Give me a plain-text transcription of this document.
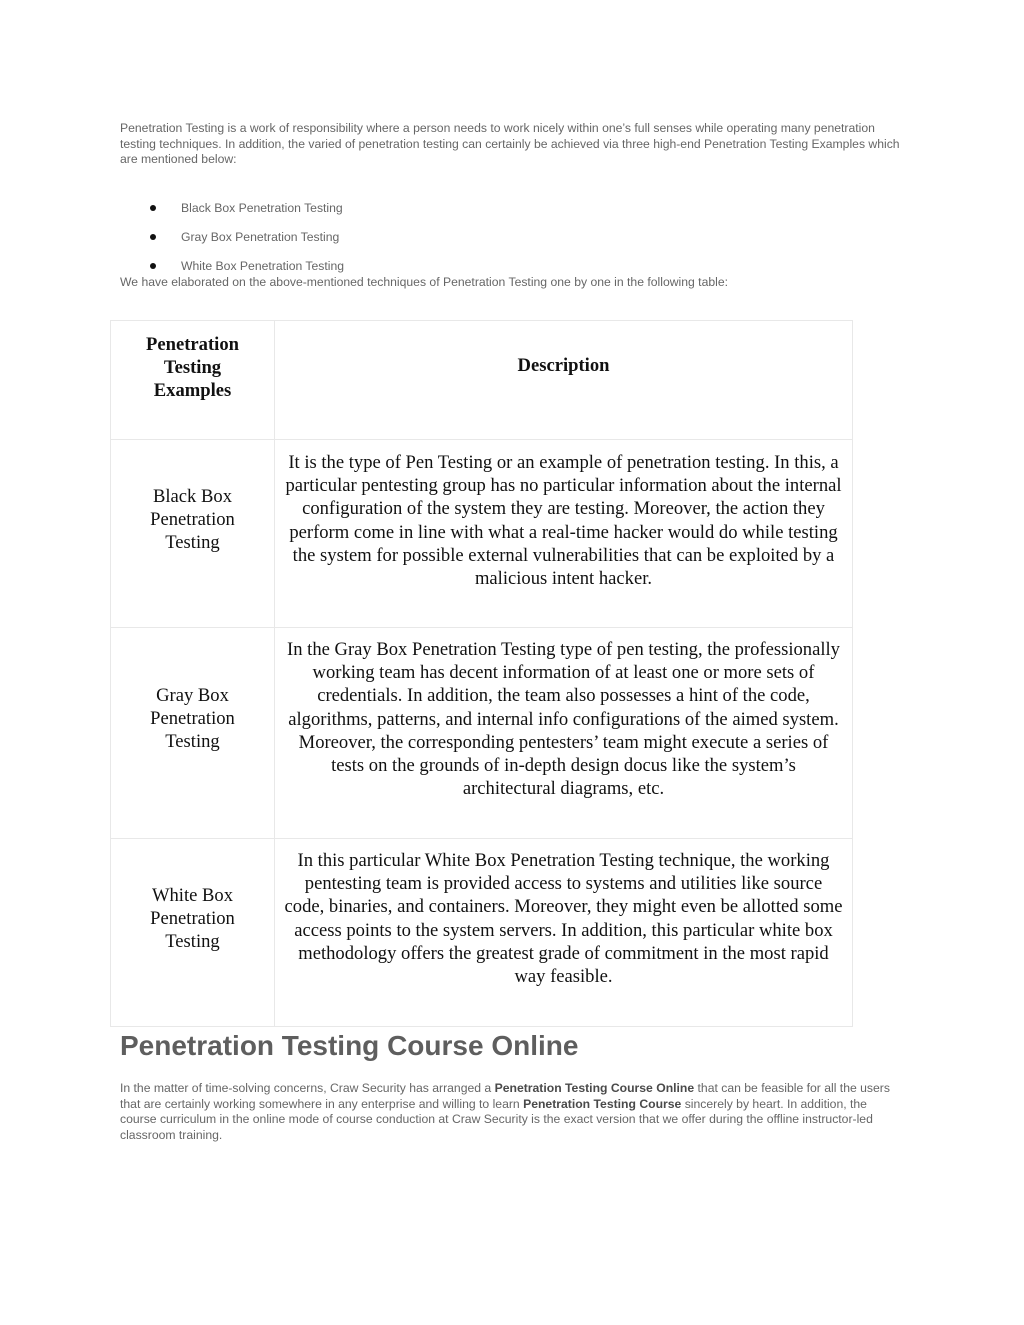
Penetration Testing is a work of responsibility where a person needs to work nicely within one’s full senses while operating many penetration testing techniques. In addition, the varied of penetration testing can certainly be achieved via three high-end Penetration Testing Examples which are mentioned below:

Black Box Penetration Testing
Gray Box Penetration Testing
White Box Penetration Testing

We have elaborated on the above-mentioned techniques of Penetration Testing one by one in the following table:

Penetration Testing Examples	Description

Black Box Penetration Testing	It is the type of Pen Testing or an example of penetration testing. In this, a particular pentesting group has no particular information about the internal configuration of the system they are testing. Moreover, the action they perform come in line with what a real-time hacker would do while testing the system for possible external vulnerabilities that can be exploited by a malicious intent hacker.

Gray Box Penetration Testing	In the Gray Box Penetration Testing type of pen testing, the professionally working team has decent information of at least one or more sets of credentials. In addition, the team also possesses a hint of the code, algorithms, patterns, and internal info configurations of the aimed system. Moreover, the corresponding pentesters’ team might execute a series of tests on the grounds of in-depth design docus like the system’s architectural diagrams, etc.

White Box Penetration Testing	In this particular White Box Penetration Testing technique, the working pentesting team is provided access to systems and utilities like source code, binaries, and containers. Moreover, they might even be allotted some access points to the system servers. In addition, this particular white box methodology offers the greatest grade of commitment in the most rapid way feasible.
Penetration Testing Course Online

In the matter of time-solving concerns, Craw Security has arranged a Penetration Testing Course Online that can be feasible for all the users that are certainly working somewhere in any enterprise and willing to learn Penetration Testing Course sincerely by heart. In addition, the course curriculum in the online mode of course conduction at Craw Security is the exact version that we offer during the offline instructor-led classroom training.
